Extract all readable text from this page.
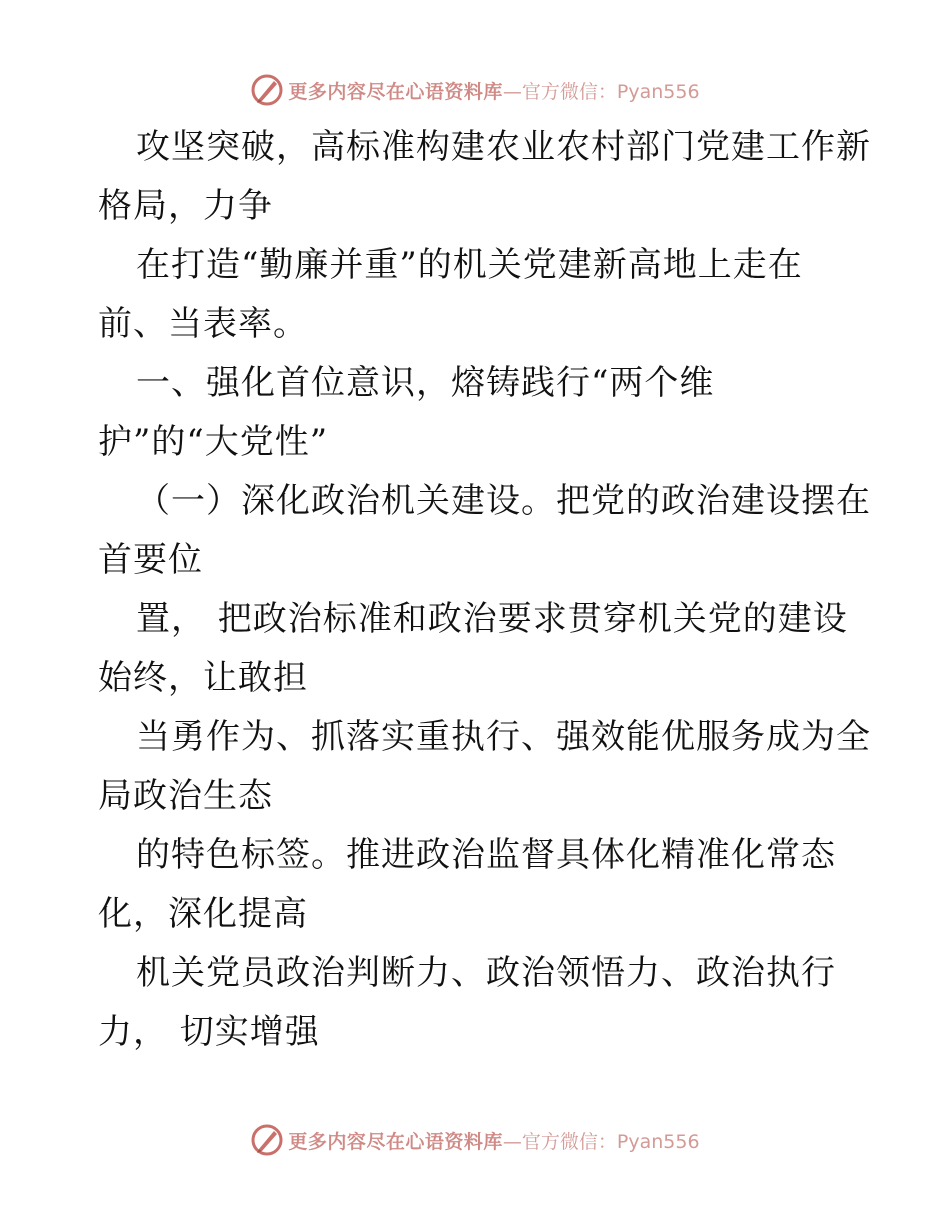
更多内容尽在心语资料库 —官方微信：Pyan556

攻坚突破，高标准构建农业农村部门党建工作新

格局，力争

在打造“勤廉并重”的机关党建新高地上走在

前、当表率。

一、强化首位意识，熔铸践行“两个维

护”的“大党性”

（一）深化政治机关建设。把党的政治建设摆在

首要位

置， 把政治标准和政治要求贯穿机关党的建设

始终，让敢担

当勇作为、抓落实重执行、强效能优服务成为全

局政治生态

的特色标签。推进政治监督具体化精准化常态

化，深化提高

机关党员政治判断力、政治领悟力、政治执行

力， 切实增强

更多内容尽在心语资料库 —官方微信：Pyan556
